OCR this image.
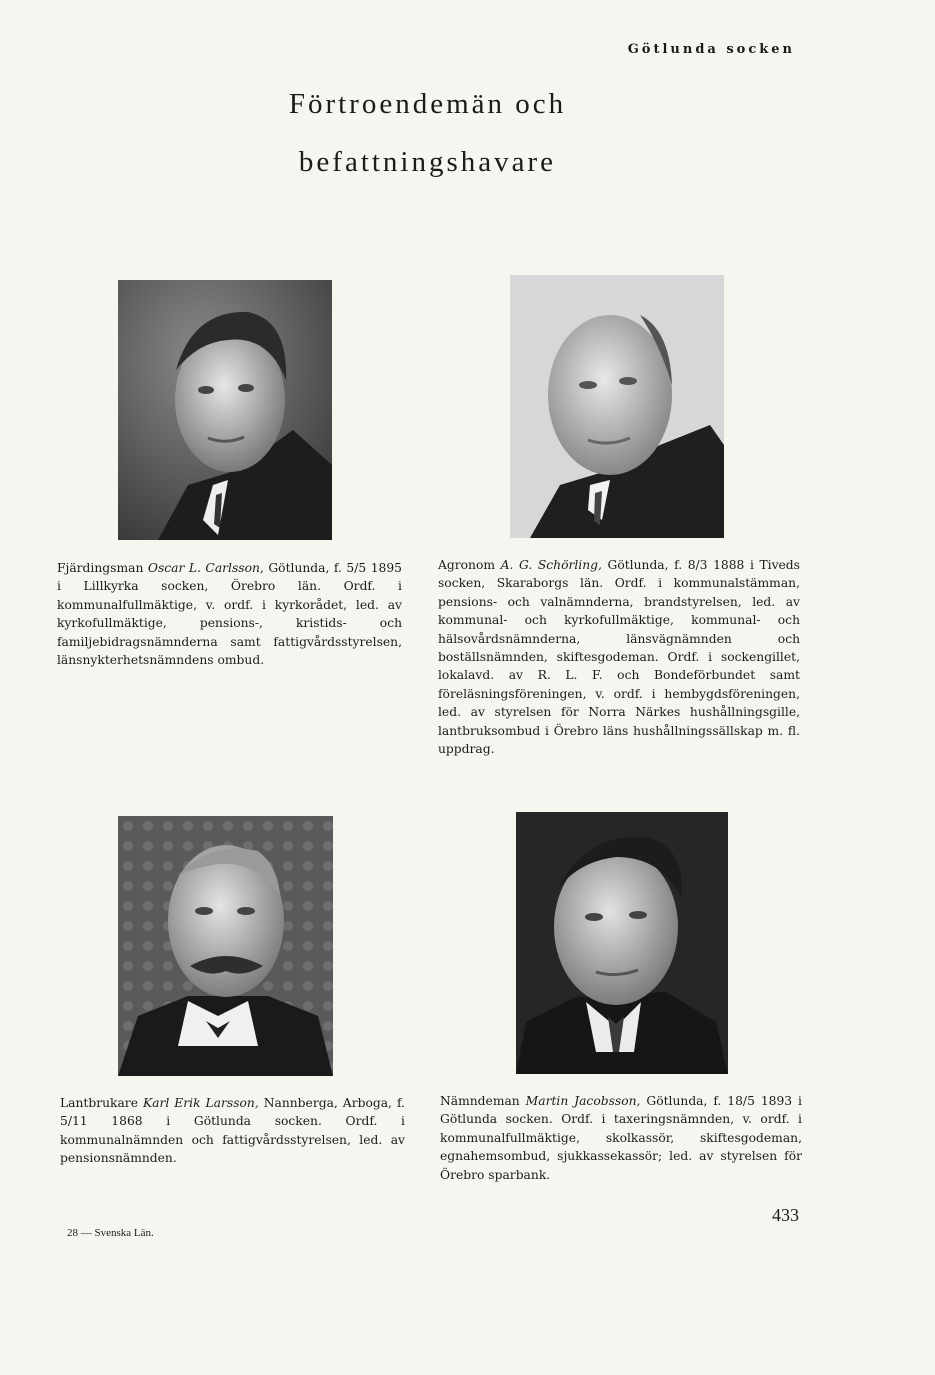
Götlunda socken
Förtroendemän och
befattningshavare
Fjärdingsman Oscar L. Carlsson, Götlunda, f. 5/5 1895 i Lillkyrka socken, Örebro län. Ordf. i kommunalfullmäktige, v. ordf. i kyrkorådet, led. av kyrkofullmäktige, pensions-, kristids- och familjebidragsnämnderna samt fattigvårdsstyrelsen, länsnykterhetsnämndens ombud.
Agronom A. G. Schörling, Götlunda, f. 8/3 1888 i Tiveds socken, Skaraborgs län. Ordf. i kommunalstämman, pensions- och valnämnderna, brandstyrelsen, led. av kommunal- och kyrkofullmäktige, kommunal- och hälsovårdsnämnderna, länsvägnämnden och boställsnämnden, skiftesgodeman. Ordf. i sockengillet, lokalavd. av R. L. F. och Bondeförbundet samt föreläsningsföreningen, v. ordf. i hembygdsföreningen, led. av styrelsen för Norra Närkes hushållningsgille, lantbruksombud i Örebro läns hushållningssällskap m. fl. uppdrag.
Lantbrukare Karl Erik Larsson, Nannberga, Arboga, f. 5/11 1868 i Götlunda socken. Ordf. i kommunalnämnden och fattigvårdsstyrelsen, led. av pensionsnämnden.
Nämndeman Martin Jacobsson, Götlunda, f. 18/5 1893 i Götlunda socken. Ordf. i taxeringsnämnden, v. ordf. i kommunalfullmäktige, skolkassör, skiftesgodeman, egnahemsombud, sjukkassekassör; led. av styrelsen för Örebro sparbank.
433
28 — Svenska Län.
